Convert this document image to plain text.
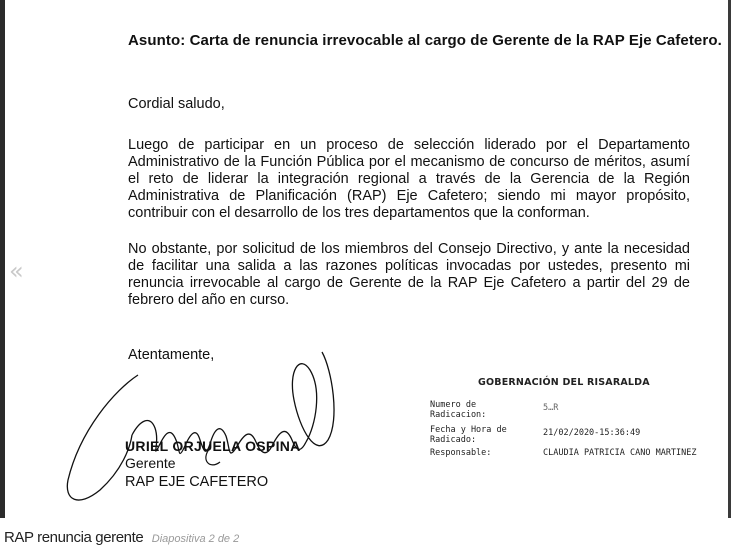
Asunto: Carta de renuncia irrevocable al cargo de Gerente de la RAP Eje Cafetero.
Cordial saludo,
Luego de participar en un proceso de selección liderado por el Departamento Administrativo de la Función Pública por el mecanismo de concurso de méritos, asumí el reto de liderar la integración regional a través de la Gerencia de la Región Administrativa de Planificación (RAP) Eje Cafetero; siendo mi mayor propósito, contribuir con el desarrollo de los tres departamentos que la conforman.
No obstante, por solicitud de los miembros del Consejo Directivo, y ante la necesidad de facilitar una salida a las razones políticas invocadas por ustedes, presento mi renuncia irrevocable al cargo de Gerente de la RAP Eje Cafetero a partir del 29 de febrero del año en curso.
Atentamente,
URIEL ORJUELA OSPINA
Gerente
RAP EJE CAFETERO
GOBERNACIÓN DEL RISARALDA
Numero de Radicacion:
5…R
Fecha y Hora de Radicado:
21/02/2020-15:36:49
Responsable:	CLAUDIA PATRICIA CANO MARTINEZ
«
RAP renuncia gerente Diapositiva 2 de 2
